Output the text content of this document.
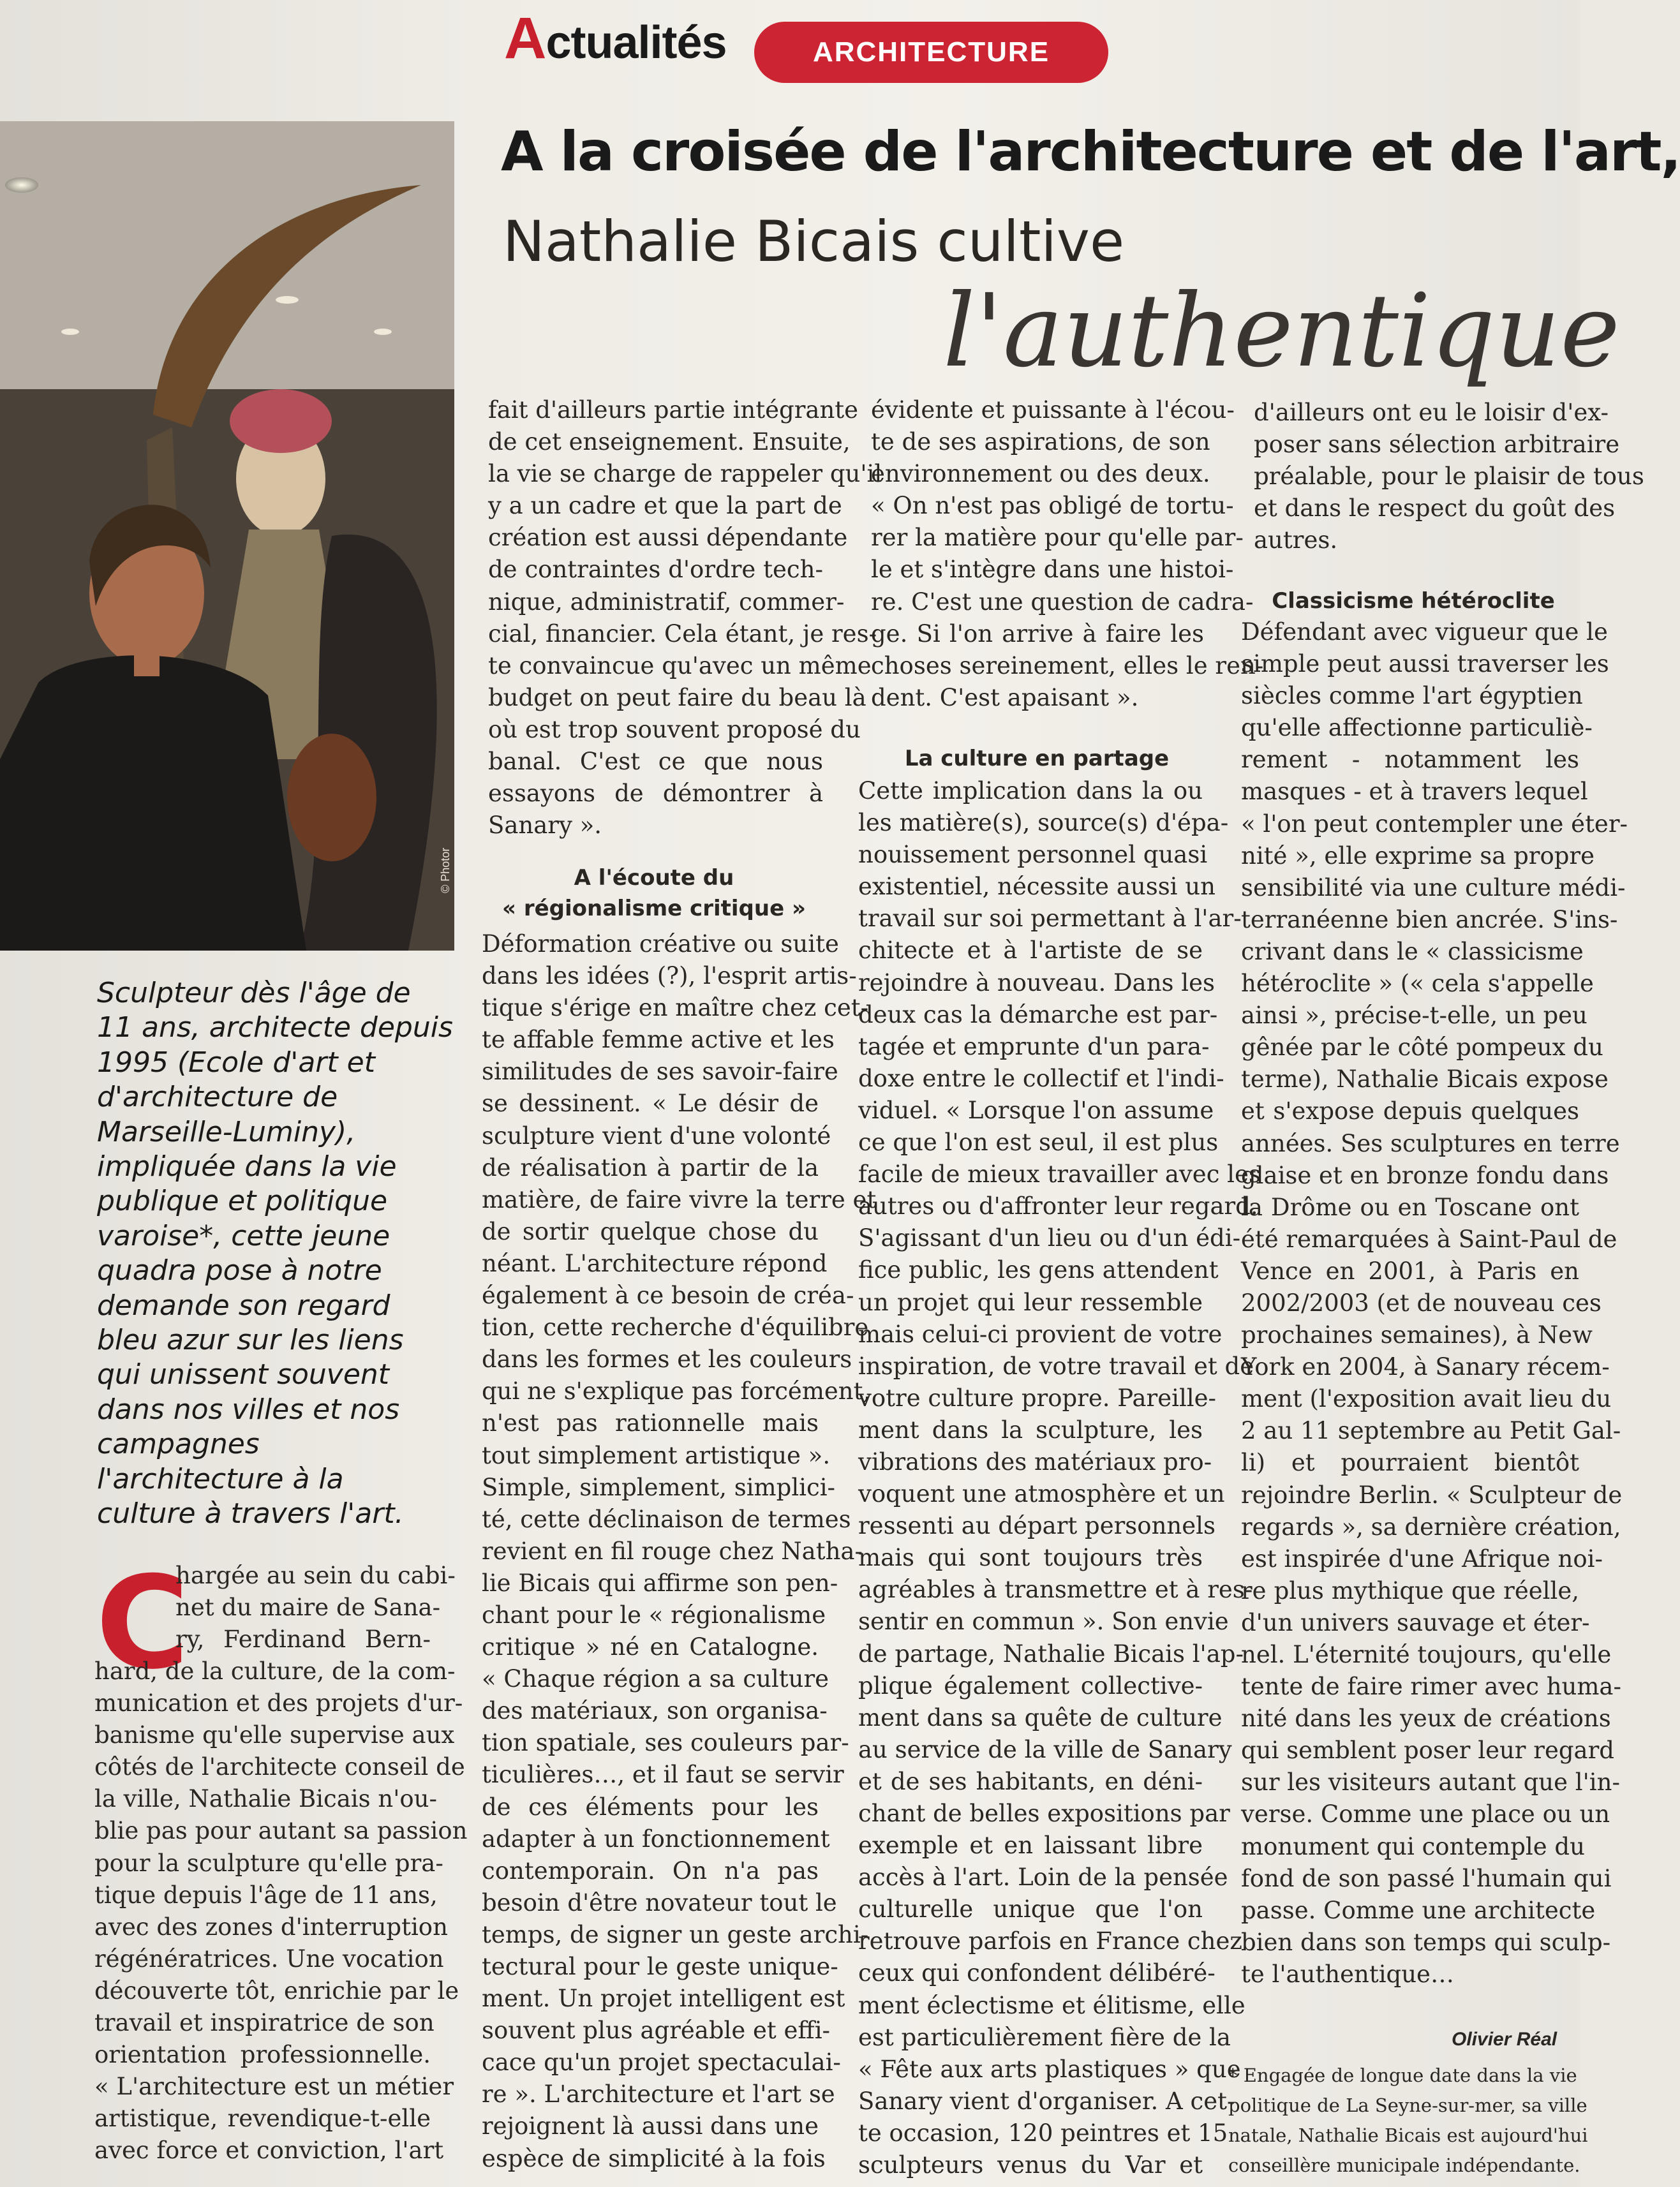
Actualités	ARCHITECTURE
A la croisée de l'architecture et de l'art,
Nathalie Bicais cultive
l'authentique
© Photor
Sculpteur dès l'âge de
11 ans, architecte depuis
1995 (Ecole d'art et
d'architecture de
Marseille-Luminy),
impliquée dans la vie
publique et politique
varoise*, cette jeune
quadra pose à notre
demande son regard
bleu azur sur les liens
qui unissent souvent
dans nos villes et nos
campagnes
l'architecture à la
culture à travers l'art.
C
hargée au sein du cabi-
net du maire de Sana-
ry, Ferdinand Bern-
hard, de la culture, de la com-
munication et des projets d'ur-
banisme qu'elle supervise aux
côtés de l'architecte conseil de
la ville, Nathalie Bicais n'ou-
blie pas pour autant sa passion
pour la sculpture qu'elle pra-
tique depuis l'âge de 11 ans,
avec des zones d'interruption
régénératrices. Une vocation
découverte tôt, enrichie par le
travail et inspiratrice de son
orientation professionnelle.
« L'architecture est un métier
artistique, revendique-t-elle
avec force et conviction, l'art
fait d'ailleurs partie intégrante
de cet enseignement. Ensuite,
la vie se charge de rappeler qu'il
y a un cadre et que la part de
création est aussi dépendante
de contraintes d'ordre tech-
nique, administratif, commer-
cial, financier. Cela étant, je res-
te convaincue qu'avec un même
budget on peut faire du beau là
où est trop souvent proposé du
banal. C'est ce que nous
essayons de démontrer à
Sanary ».
A l'écoute du
« régionalisme critique »
Déformation créative ou suite
dans les idées (?), l'esprit artis-
tique s'érige en maître chez cet-
te affable femme active et les
similitudes de ses savoir-faire
se dessinent. « Le désir de
sculpture vient d'une volonté
de réalisation à partir de la
matière, de faire vivre la terre et
de sortir quelque chose du
néant. L'architecture répond
également à ce besoin de créa-
tion, cette recherche d'équilibre
dans les formes et les couleurs
qui ne s'explique pas forcément,
n'est pas rationnelle mais
tout simplement artistique ».
Simple, simplement, simplici-
té, cette déclinaison de termes
revient en fil rouge chez Natha-
lie Bicais qui affirme son pen-
chant pour le « régionalisme
critique » né en Catalogne.
« Chaque région a sa culture
des matériaux, son organisa-
tion spatiale, ses couleurs par-
ticulières…, et il faut se servir
de ces éléments pour les
adapter à un fonctionnement
contemporain. On n'a pas
besoin d'être novateur tout le
temps, de signer un geste archi-
tectural pour le geste unique-
ment. Un projet intelligent est
souvent plus agréable et effi-
cace qu'un projet spectaculai-
re ». L'architecture et l'art se
rejoignent là aussi dans une
espèce de simplicité à la fois
évidente et puissante à l'écou-
te de ses aspirations, de son
environnement ou des deux.
« On n'est pas obligé de tortu-
rer la matière pour qu'elle par-
le et s'intègre dans une histoi-
re. C'est une question de cadra-
ge. Si l'on arrive à faire les
choses sereinement, elles le ren-
dent. C'est apaisant ».
La culture en partage
Cette implication dans la ou
les matière(s), source(s) d'épa-
nouissement personnel quasi
existentiel, nécessite aussi un
travail sur soi permettant à l'ar-
chitecte et à l'artiste de se
rejoindre à nouveau. Dans les
deux cas la démarche est par-
tagée et emprunte d'un para-
doxe entre le collectif et l'indi-
viduel. « Lorsque l'on assume
ce que l'on est seul, il est plus
facile de mieux travailler avec les
autres ou d'affronter leur regard.
S'agissant d'un lieu ou d'un édi-
fice public, les gens attendent
un projet qui leur ressemble
mais celui-ci provient de votre
inspiration, de votre travail et de
votre culture propre. Pareille-
ment dans la sculpture, les
vibrations des matériaux pro-
voquent une atmosphère et un
ressenti au départ personnels
mais qui sont toujours très
agréables à transmettre et à res-
sentir en commun ». Son envie
de partage, Nathalie Bicais l'ap-
plique également collective-
ment dans sa quête de culture
au service de la ville de Sanary
et de ses habitants, en déni-
chant de belles expositions par
exemple et en laissant libre
accès à l'art. Loin de la pensée
culturelle unique que l'on
retrouve parfois en France chez
ceux qui confondent délibéré-
ment éclectisme et élitisme, elle
est particulièrement fière de la
« Fête aux arts plastiques » que
Sanary vient d'organiser. A cet-
te occasion, 120 peintres et 15
sculpteurs venus du Var et
d'ailleurs ont eu le loisir d'ex-
poser sans sélection arbitraire
préalable, pour le plaisir de tous
et dans le respect du goût des
autres.
Classicisme hétéroclite
Défendant avec vigueur que le
simple peut aussi traverser les
siècles comme l'art égyptien
qu'elle affectionne particuliè-
rement - notamment les
masques - et à travers lequel
« l'on peut contempler une éter-
nité », elle exprime sa propre
sensibilité via une culture médi-
terranéenne bien ancrée. S'ins-
crivant dans le « classicisme
hétéroclite » (« cela s'appelle
ainsi », précise-t-elle, un peu
gênée par le côté pompeux du
terme), Nathalie Bicais expose
et s'expose depuis quelques
années. Ses sculptures en terre
glaise et en bronze fondu dans
la Drôme ou en Toscane ont
été remarquées à Saint-Paul de
Vence en 2001, à Paris en
2002/2003 (et de nouveau ces
prochaines semaines), à New
York en 2004, à Sanary récem-
ment (l'exposition avait lieu du
2 au 11 septembre au Petit Gal-
li) et pourraient bientôt
rejoindre Berlin. « Sculpteur de
regards », sa dernière création,
est inspirée d'une Afrique noi-
re plus mythique que réelle,
d'un univers sauvage et éter-
nel. L'éternité toujours, qu'elle
tente de faire rimer avec huma-
nité dans les yeux de créations
qui semblent poser leur regard
sur les visiteurs autant que l'in-
verse. Comme une place ou un
monument qui contemple du
fond de son passé l'humain qui
passe. Comme une architecte
bien dans son temps qui sculp-
te l'authentique…
Olivier Réal
* Engagée de longue date dans la vie
politique de La Seyne-sur-mer, sa ville
natale, Nathalie Bicais est aujourd'hui
conseillère municipale indépendante.
